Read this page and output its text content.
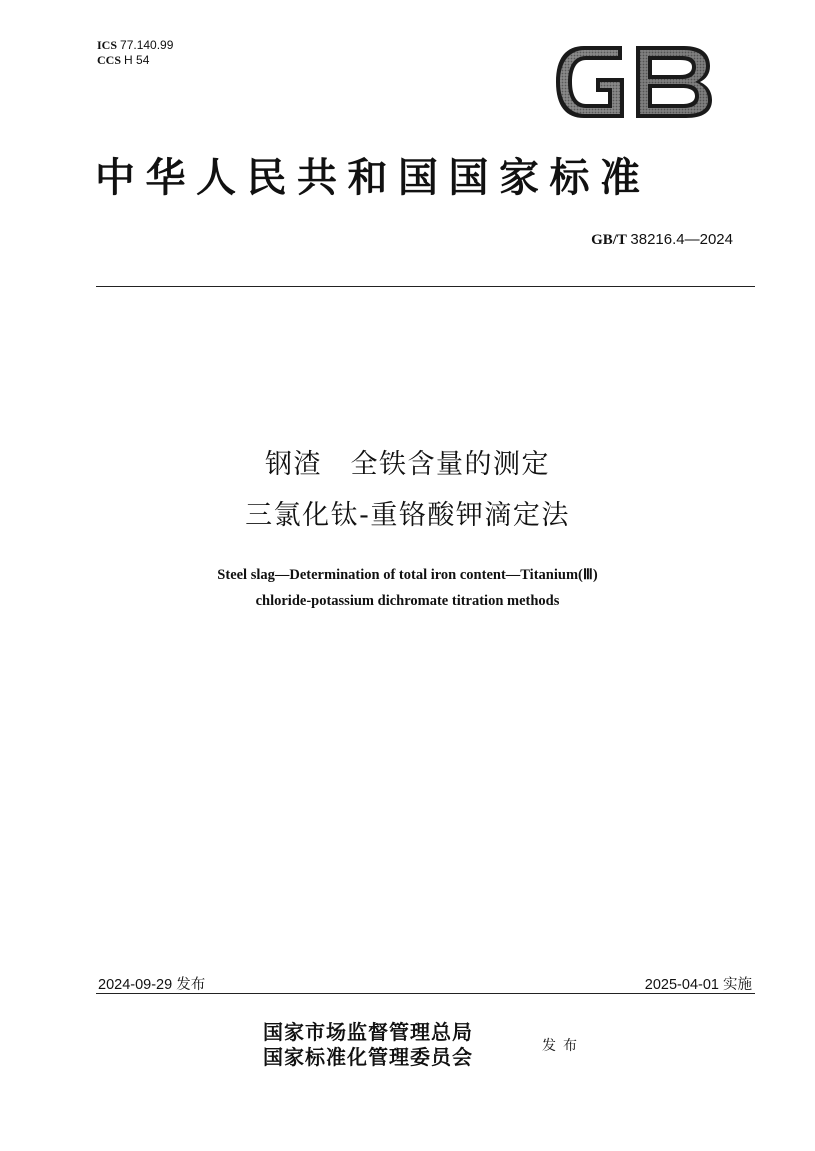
ICS 77.140.99
CCS H 54
中华人民共和国国家标准
GB/T 38216.4—2024
钢渣　全铁含量的测定
三氯化钛-重铬酸钾滴定法
Steel slag—Determination of total iron content—Titanium(Ⅲ)
chloride-potassium dichromate titration methods
2024-09-29 发布	2025-04-01 实施
国家市场监督管理总局
国家标准化管理委员会	发布
